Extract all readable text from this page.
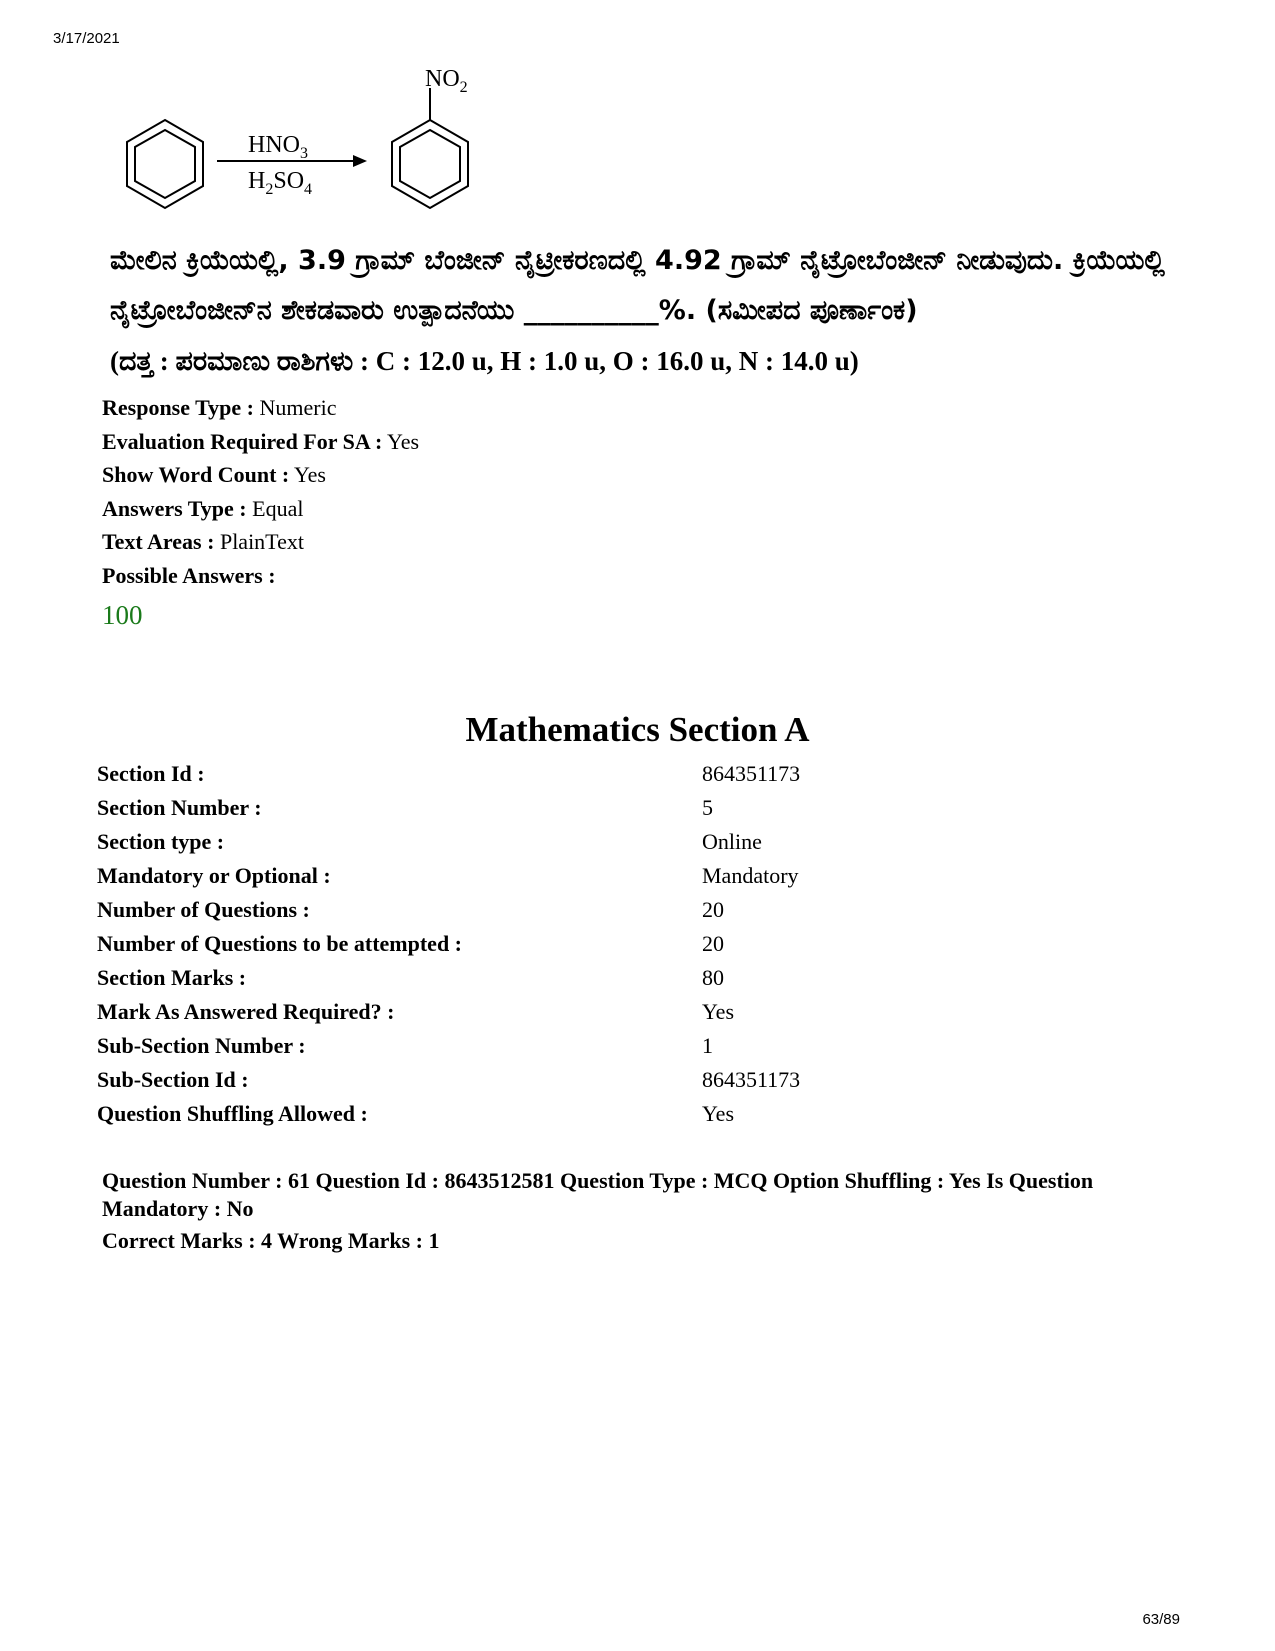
3/17/2021
$HNO_3$
$H_2SO_4$
$NO_2$
ಮೇಲಿನ ಕ್ರಿಯೆಯಲ್ಲಿ, 3.9 ಗ್ರಾಮ್ ಬೆಂಜೀನ್ ನೈಟ್ರೀಕರಣದಲ್ಲಿ 4.92 ಗ್ರಾಮ್ ನೈಟ್ರೋಬೆಂಜೀನ್ ನೀಡುವುದು. ಕ್ರಿಯೆಯಲ್ಲಿ
ನೈಟ್ರೋಬೆಂಜೀನ್‌ನ ಶೇಕಡವಾರು ಉತ್ಪಾದನೆಯು __________%. (ಸಮೀಪದ ಪೂರ್ಣಾಂಕ)
(ದತ್ತ : ಪರಮಾಣು ರಾಶಿಗಳು : C : 12.0 u, H : 1.0 u, O : 16.0 u, N : 14.0 u)
Response Type : Numeric
Evaluation Required For SA : Yes
Show Word Count : Yes
Answers Type : Equal
Text Areas : PlainText
Possible Answers :
100
Mathematics Section A
Section Id :	864351173
Section Number :	5
Section type :	Online
Mandatory or Optional :	Mandatory
Number of Questions :	20
Number of Questions to be attempted :	20
Section Marks :	80
Mark As Answered Required? :	Yes
Sub-Section Number :	1
Sub-Section Id :	864351173
Question Shuffling Allowed :	Yes
Question Number : 61 Question Id : 8643512581 Question Type : MCQ Option Shuffling : Yes Is Question Mandatory : No
Correct Marks : 4 Wrong Marks : 1
63/89
